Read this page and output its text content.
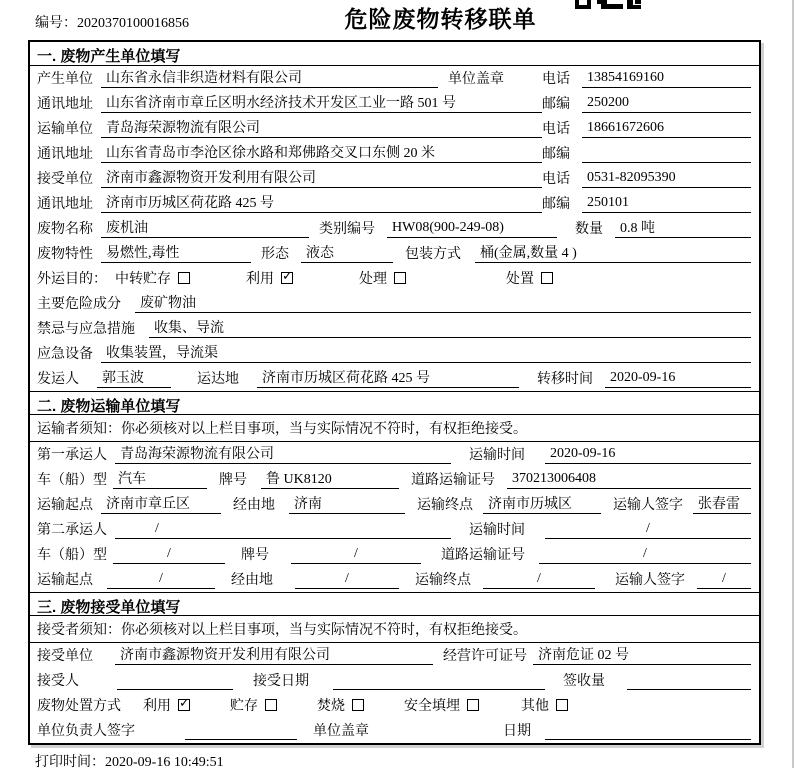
编号：2020370100016856	危险废物转移联单
一. 废物产生单位填写
产生单位 山东省永信非织造材料有限公司	单位盖章	电话	13854169160
通讯地址 山东省济南市章丘区明水经济技术开发区工业一路 501 号	邮编	250200
运输单位 青岛海荣源物流有限公司	电话	18661672606
通讯地址 山东省青岛市李沧区徐水路和郑佛路交叉口东侧 20 米	邮编
接受单位 济南市鑫源物资开发利用有限公司	电话	0531-82095390
通讯地址 济南市历城区荷花路 425 号	邮编	250101
废物名称 废机油	类别编号	HW08(900-249-08)	数量	0.8 吨
废物特性 易燃性,毒性	形态	液态	包装方式	桶(金属,数量 4 )
外运目的： 中转贮存	利用 ✓	处理	处置
主要危险成分	废矿物油
禁忌与应急措施	收集、导流
应急设备 收集装置，导流渠
发运人	郭玉波	运达地	济南市历城区荷花路 425 号	转移时间	2020-09-16
二. 废物运输单位填写
运输者须知：你必须核对以上栏目事项，当与实际情况不符时，有权拒绝接受。
第一承运人 青岛海荣源物流有限公司	运输时间	2020-09-16
车（船）型 汽车	牌号	鲁 UK8120	道路运输证号	370213006408
运输起点 济南市章丘区	经由地	济南	运输终点	济南市历城区	运输人签字	张春雷
第二承运人	/	运输时间	/
车（船）型	/	牌号	/	道路运输证号	/
运输起点	/	经由地	/	运输终点	/	运输人签字	/
三. 废物接受单位填写
接受者须知：你必须核对以上栏目事项，当与实际情况不符时，有权拒绝接受。
接受单位	济南市鑫源物资开发利用有限公司	经营许可证号 济南危证 02 号
接受人	接受日期	签收量
废物处置方式 利用 ✓	贮存	焚烧	安全填埋	其他
单位负责人签字	单位盖章	日期
打印时间：2020-09-16 10:49:51
